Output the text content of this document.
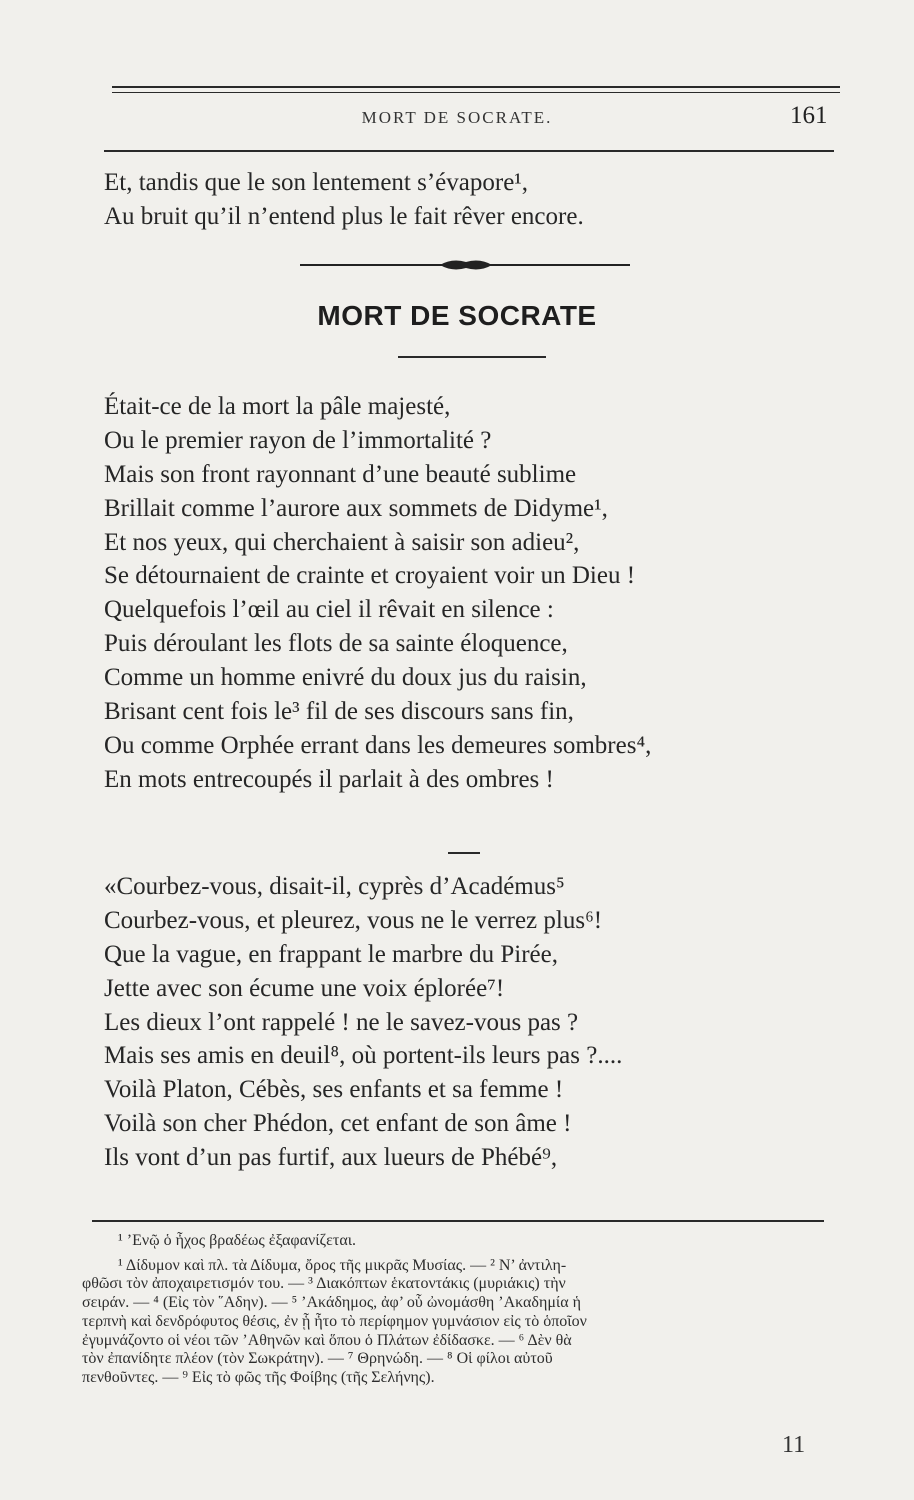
MORT DE SOCRATE.	161
Et, tandis que le son lentement s’évapore¹,
Au bruit qu’il n’entend plus le fait rêver encore.
MORT DE SOCRATE
Était-ce de la mort la pâle majesté,
Ou le premier rayon de l’immortalité ?
Mais son front rayonnant d’une beauté sublime
Brillait comme l’aurore aux sommets de Didyme¹,
Et nos yeux, qui cherchaient à saisir son adieu²,
Se détournaient de crainte et croyaient voir un Dieu !
Quelquefois l’œil au ciel il rêvait en silence :
Puis déroulant les flots de sa sainte éloquence,
Comme un homme enivré du doux jus du raisin,
Brisant cent fois le³ fil de ses discours sans fin,
Ou comme Orphée errant dans les demeures sombres⁴,
En mots entrecoupés il parlait à des ombres !
«Courbez-vous, disait-il, cyprès d’Académus⁵
Courbez-vous, et pleurez, vous ne le verrez plus⁶!
Que la vague, en frappant le marbre du Pirée,
Jette avec son écume une voix éplorée⁷!
Les dieux l’ont rappelé ! ne le savez-vous pas ?
Mais ses amis en deuil⁸, où portent-ils leurs pas ?....
Voilà Platon, Cébès, ses enfants et sa femme !
Voilà son cher Phédon, cet enfant de son âme !
Ils vont d’un pas furtif, aux lueurs de Phébé⁹,
¹ ’Ενῷ ὁ ἦχος βραδέως ἐξαφανίζεται.
¹ Δίδυμον καὶ πλ. τὰ Δίδυμα, ὄρος τῆς μικρᾶς Μυσίας. — ² Ν’ ἀντιλη-
φθῶσι τὸν ἀποχαιρετισμόν του. — ³ Διακόπτων ἑκατοντάκις (μυριάκις) τὴν
σειράν. — ⁴ (Εἰς τὸν ῞Αδην). — ⁵ ’Ακάδημος, ἀφ’ οὗ ὠνομάσθη ’Ακαδημία ἡ
τερπνὴ καὶ δενδρόφυτος θέσις, ἐν ᾗ ἦτο τὸ περίφημον γυμνάσιον εἰς τὸ ὁποῖον
ἐγυμνάζοντο οἱ νέοι τῶν ’Αθηνῶν καὶ ὅπου ὁ Πλάτων ἐδίδασκε. — ⁶ Δὲν θὰ
τὸν ἐπανίδητε πλέον (τὸν Σωκράτην). — ⁷ Θρηνώδη. — ⁸ Οἱ φίλοι αὐτοῦ
πενθοῦντες. — ⁹ Εἰς τὸ φῶς τῆς Φοίβης (τῆς Σελήνης).
11
